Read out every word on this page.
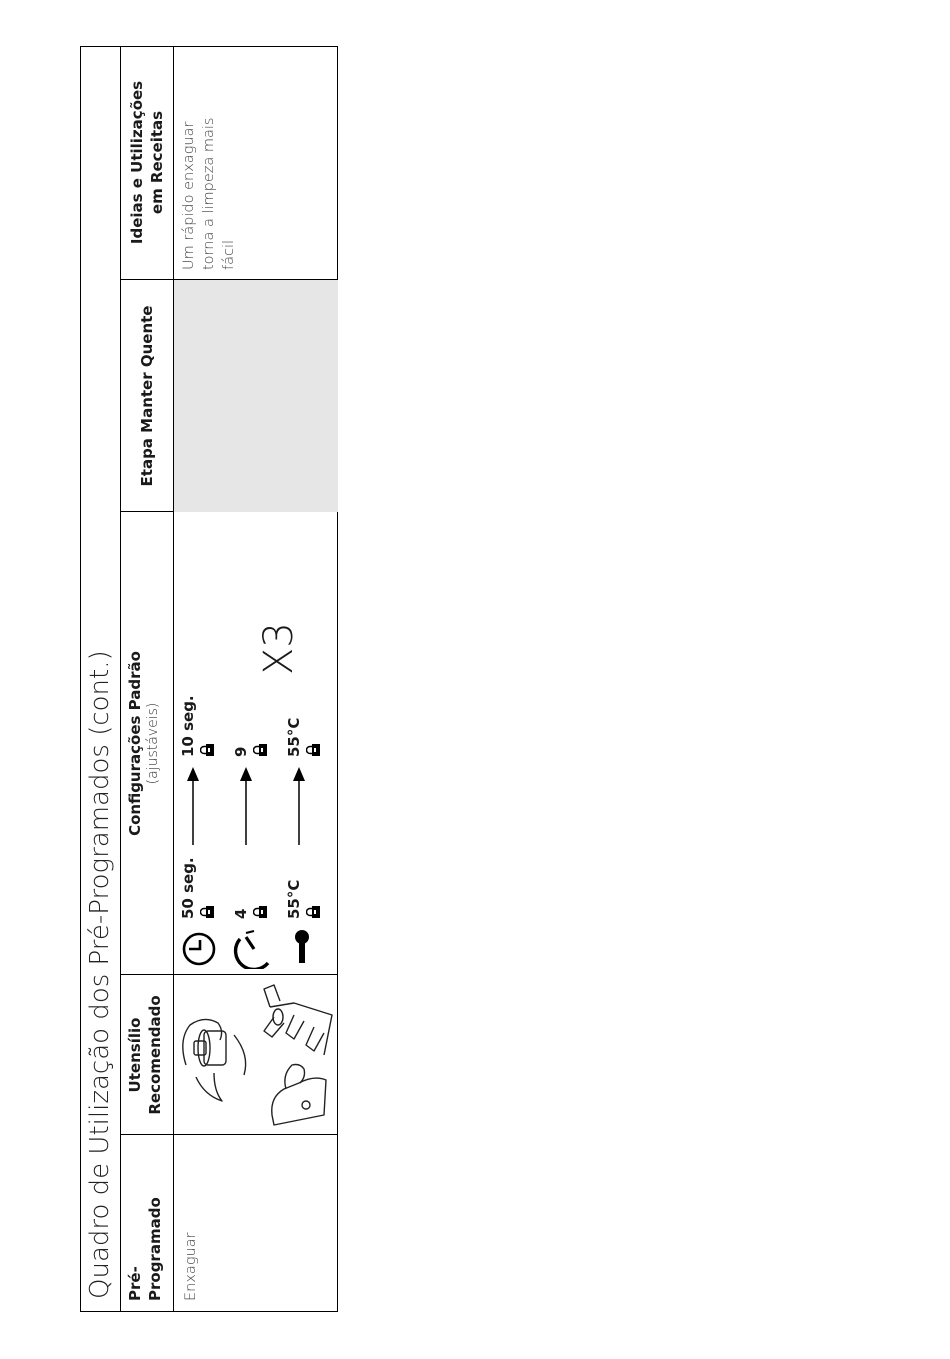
Quadro de Utilização dos Pré-Programados (cont.) Pré- Programado
Utensílio Recomendado
Configurações Padrão (ajustáveis)
Etapa Manter Quente
Ideias e Utilizações em Receitas
Enxaguar
50 seg.
10 seg.
4
9
55°C
55°C
X3
Um rápido enxaguar torna a limpeza mais fácil
